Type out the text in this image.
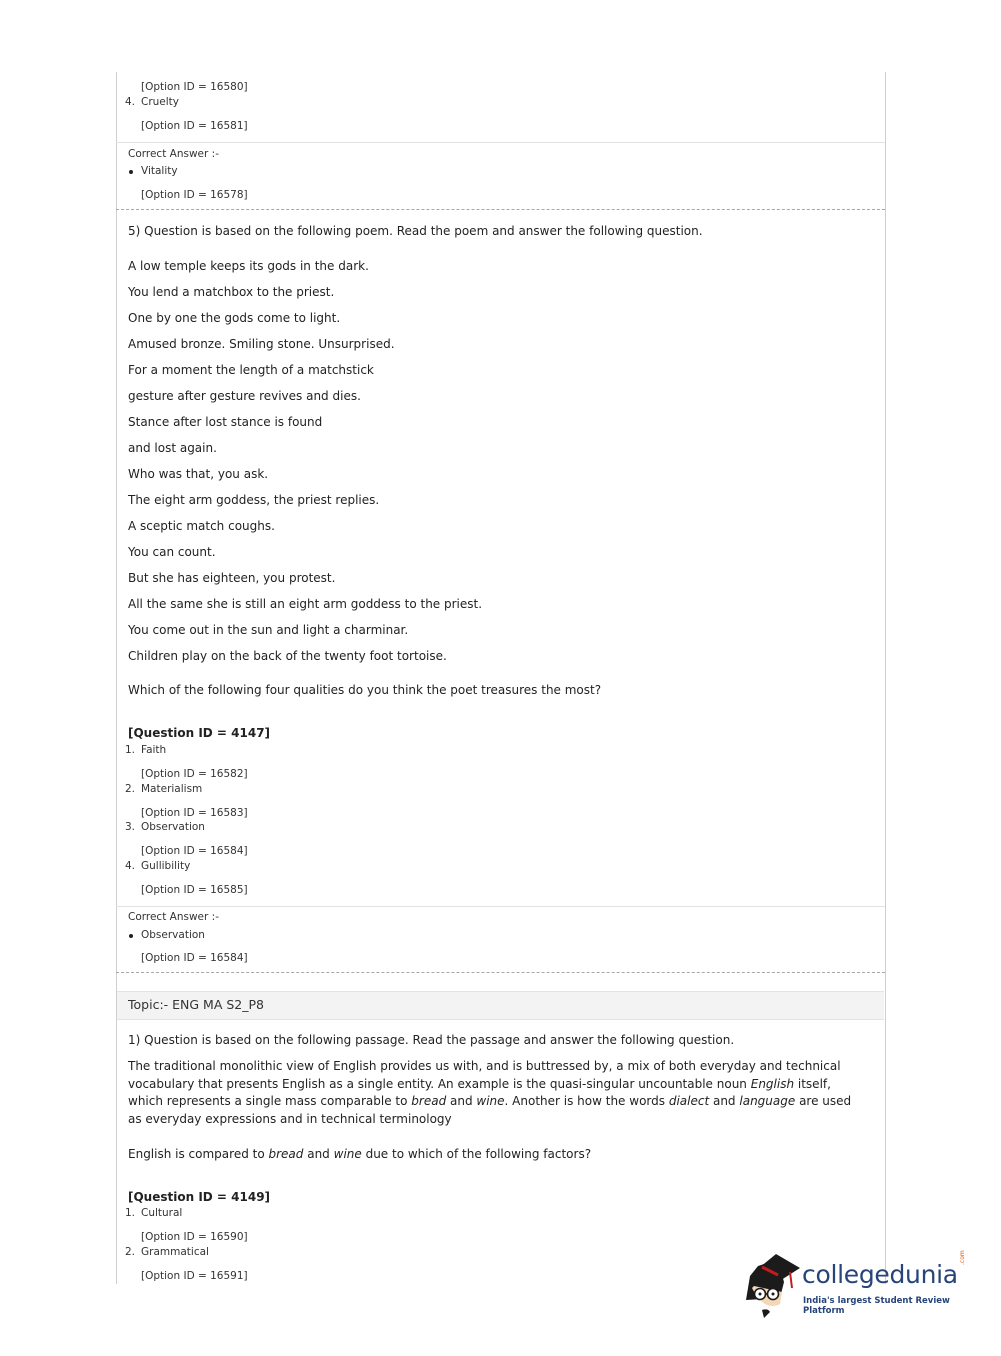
[Option ID = 16580]
4. Cruelty
[Option ID = 16581]
Correct Answer :-
Vitality
[Option ID = 16578]
5) Question is based on the following poem. Read the poem and answer the following question.
A low temple keeps its gods in the dark.
You lend a matchbox to the priest.
One by one the gods come to light.
Amused bronze. Smiling stone. Unsurprised.
For a moment the length of a matchstick
gesture after gesture revives and dies.
Stance after lost stance is found
and lost again.
Who was that, you ask.
The eight arm goddess, the priest replies.
A sceptic match coughs.
You can count.
But she has eighteen, you protest.
All the same she is still an eight arm goddess to the priest.
You come out in the sun and light a charminar.
Children play on the back of the twenty foot tortoise.
Which of the following four qualities do you think the poet treasures the most?
[Question ID = 4147]
1. Faith
[Option ID = 16582]
2. Materialism
[Option ID = 16583]
3. Observation
[Option ID = 16584]
4. Gullibility
[Option ID = 16585]
Correct Answer :-
Observation
[Option ID = 16584]
Topic:- ENG MA S2_P8
1) Question is based on the following passage. Read the passage and answer the following question.
The traditional monolithic view of English provides us with, and is buttressed by, a mix of both everyday and technical vocabulary that presents English as a single entity. An example is the quasi-singular uncountable noun English itself, which represents a single mass comparable to bread and wine. Another is how the words dialect and language are used as everyday expressions and in technical terminology
English is compared to bread and wine due to which of the following factors?
[Question ID = 4149]
1. Cultural
[Option ID = 16590]
2. Grammatical
[Option ID = 16591]	collegedunia
.com
India's largest Student Review Platform
